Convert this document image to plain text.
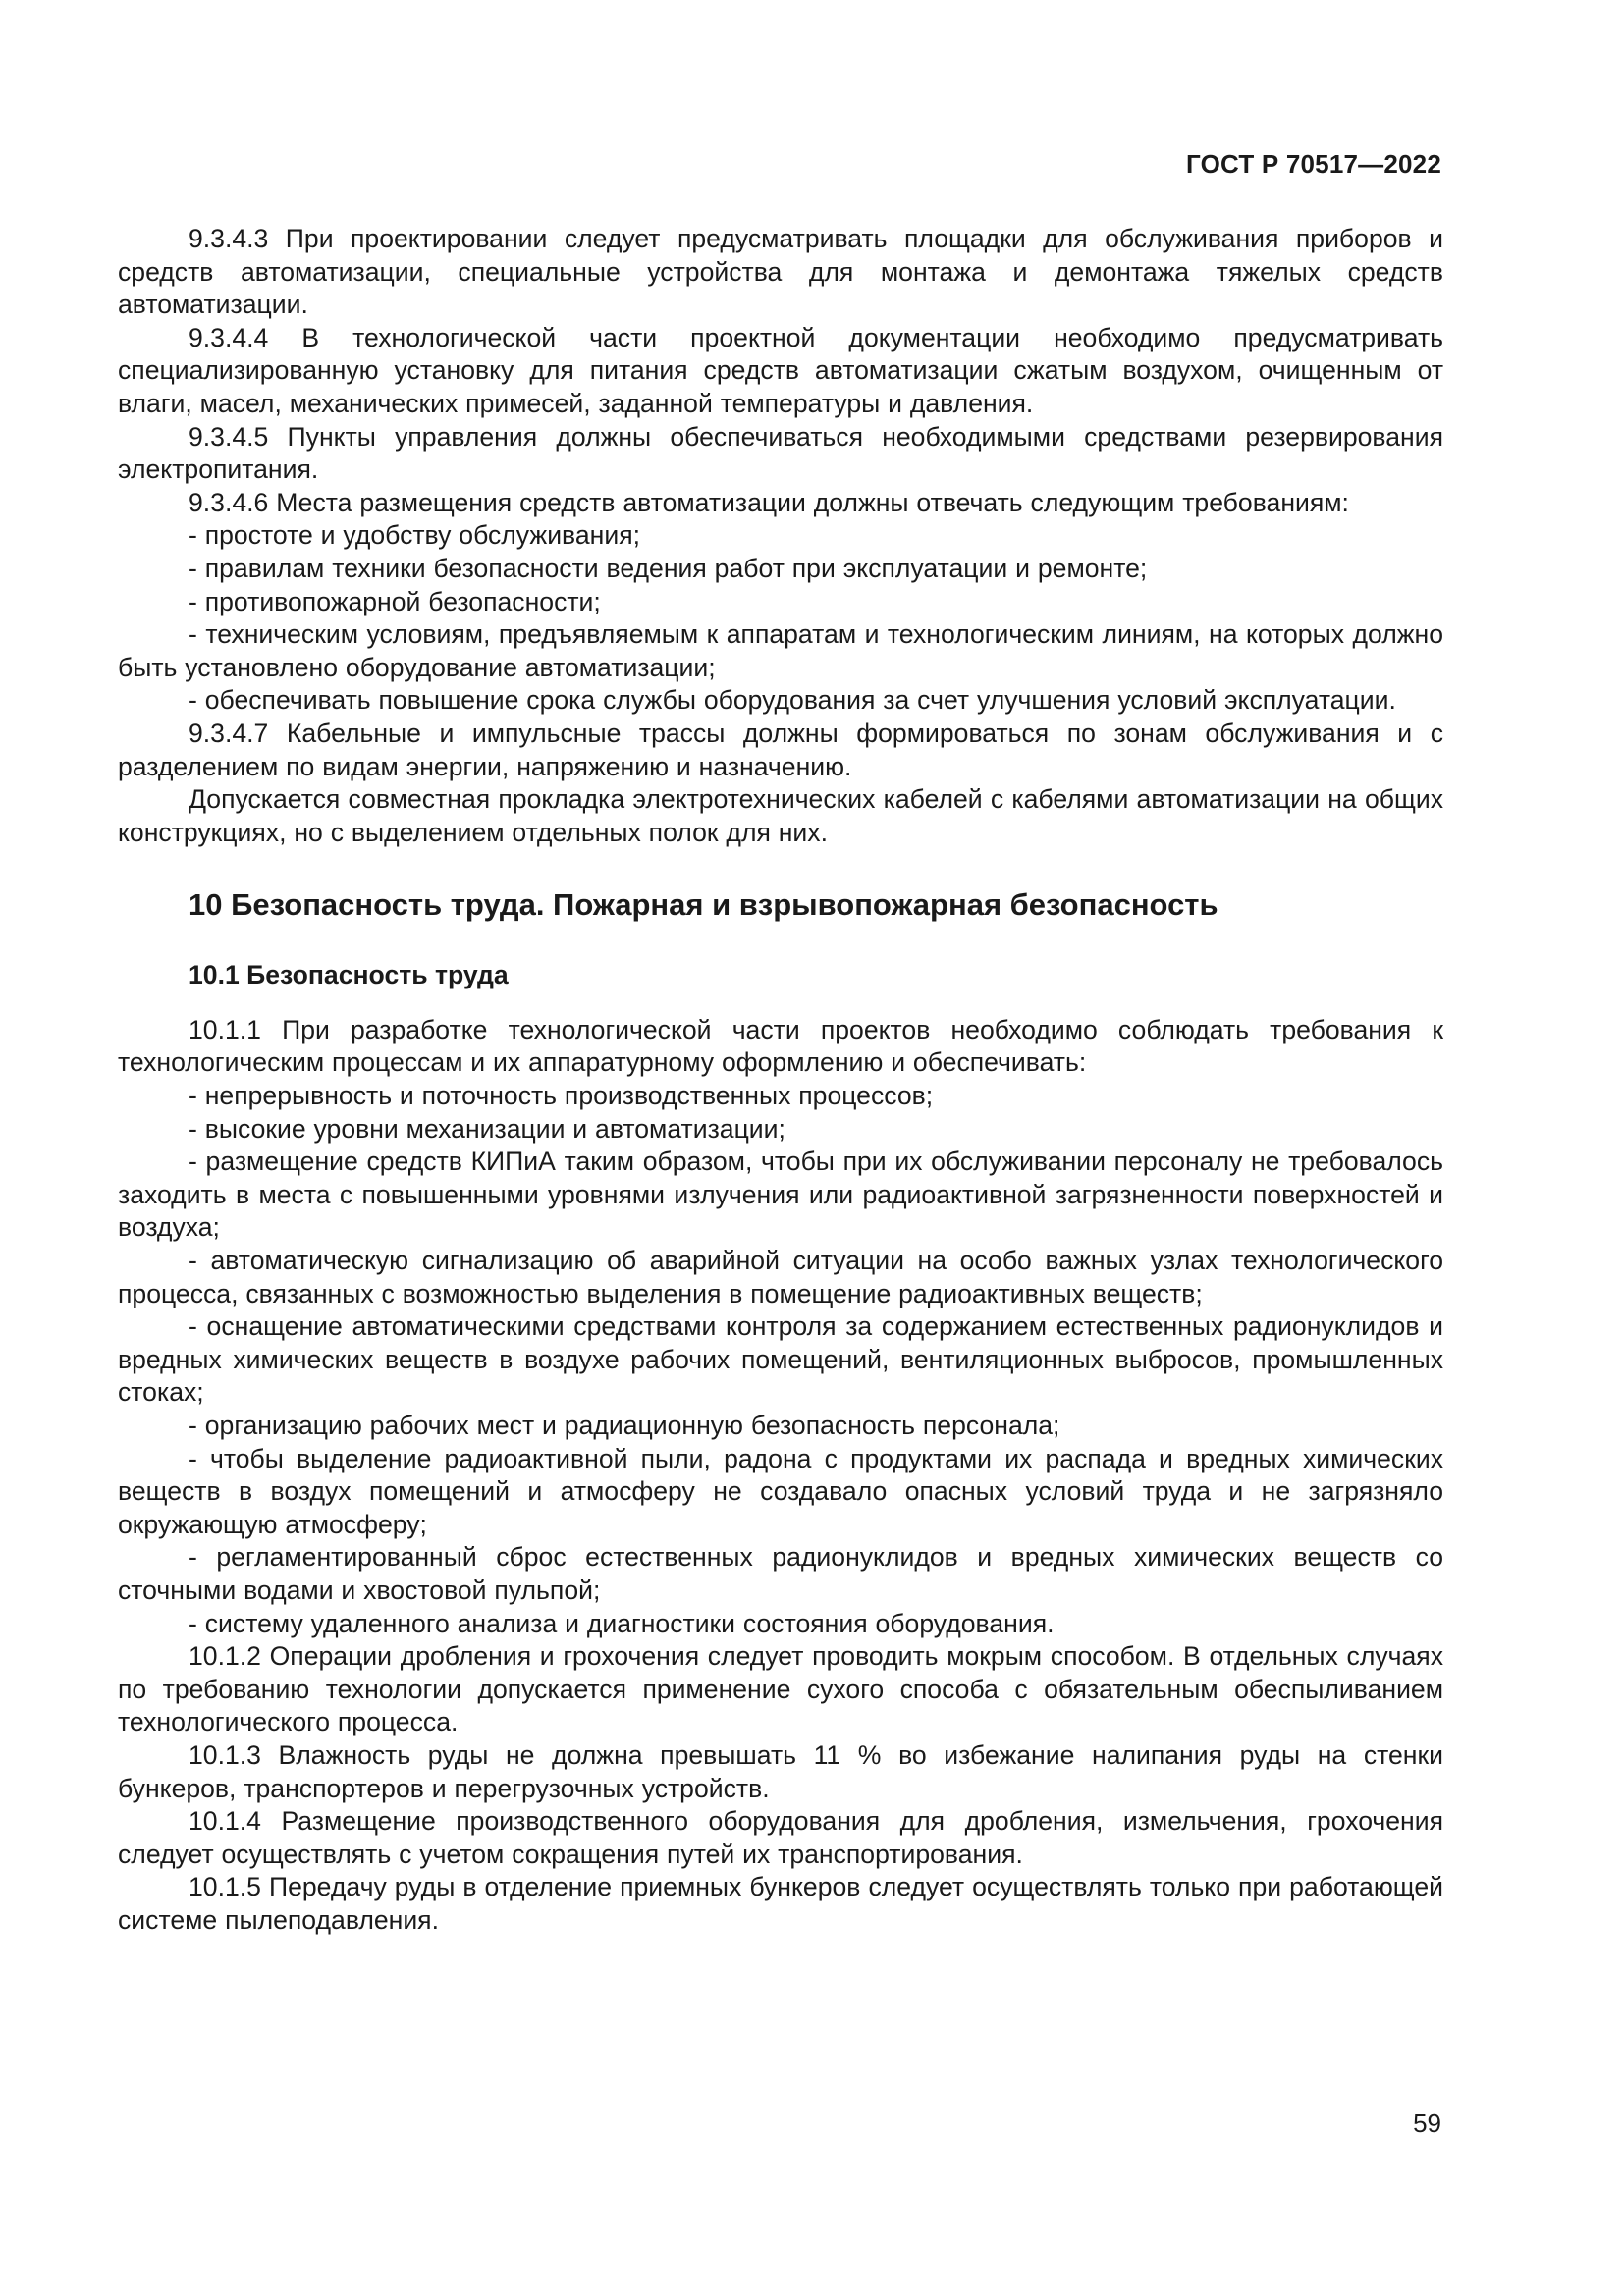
ГОСТ Р 70517—2022

9.3.4.3 При проектировании следует предусматривать площадки для обслуживания приборов и средств автоматизации, специальные устройства для монтажа и демонтажа тяжелых средств автоматизации.

9.3.4.4 В технологической части проектной документации необходимо предусматривать специализированную установку для питания средств автоматизации сжатым воздухом, очищенным от влаги, масел, механических примесей, заданной температуры и давления.

9.3.4.5 Пункты управления должны обеспечиваться необходимыми средствами резервирования электропитания.

9.3.4.6 Места размещения средств автоматизации должны отвечать следующим требованиям:

- простоте и удобству обслуживания;

- правилам техники безопасности ведения работ при эксплуатации и ремонте;

- противопожарной безопасности;

- техническим условиям, предъявляемым к аппаратам и технологическим линиям, на которых должно быть установлено оборудование автоматизации;

- обеспечивать повышение срока службы оборудования за счет улучшения условий эксплуатации.

9.3.4.7 Кабельные и импульсные трассы должны формироваться по зонам обслуживания и с разделением по видам энергии, напряжению и назначению.

Допускается совместная прокладка электротехнических кабелей с кабелями автоматизации на общих конструкциях, но с выделением отдельных полок для них.

10 Безопасность труда. Пожарная и взрывопожарная безопасность
10.1 Безопасность труда

10.1.1 При разработке технологической части проектов необходимо соблюдать требования к технологическим процессам и их аппаратурному оформлению и обеспечивать:

- непрерывность и поточность производственных процессов;

- высокие уровни механизации и автоматизации;

- размещение средств КИПиА таким образом, чтобы при их обслуживании персоналу не требовалось заходить в места с повышенными уровнями излучения или радиоактивной загрязненности поверхностей и воздуха;

- автоматическую сигнализацию об аварийной ситуации на особо важных узлах технологического процесса, связанных с возможностью выделения в помещение радиоактивных веществ;

- оснащение автоматическими средствами контроля за содержанием естественных радионуклидов и вредных химических веществ в воздухе рабочих помещений, вентиляционных выбросов, промышленных стоках;

- организацию рабочих мест и радиационную безопасность персонала;

- чтобы выделение радиоактивной пыли, радона с продуктами их распада и вредных химических веществ в воздух помещений и атмосферу не создавало опасных условий труда и не загрязняло окружающую атмосферу;

- регламентированный сброс естественных радионуклидов и вредных химических веществ со сточными водами и хвостовой пульпой;

- систему удаленного анализа и диагностики состояния оборудования.

10.1.2 Операции дробления и грохочения следует проводить мокрым способом. В отдельных случаях по требованию технологии допускается применение сухого способа с обязательным обеспыливанием технологического процесса.

10.1.3 Влажность руды не должна превышать 11 % во избежание налипания руды на стенки бункеров, транспортеров и перегрузочных устройств.

10.1.4 Размещение производственного оборудования для дробления, измельчения, грохочения следует осуществлять с учетом сокращения путей их транспортирования.

10.1.5 Передачу руды в отделение приемных бункеров следует осуществлять только при работающей системе пылеподавления.

59
